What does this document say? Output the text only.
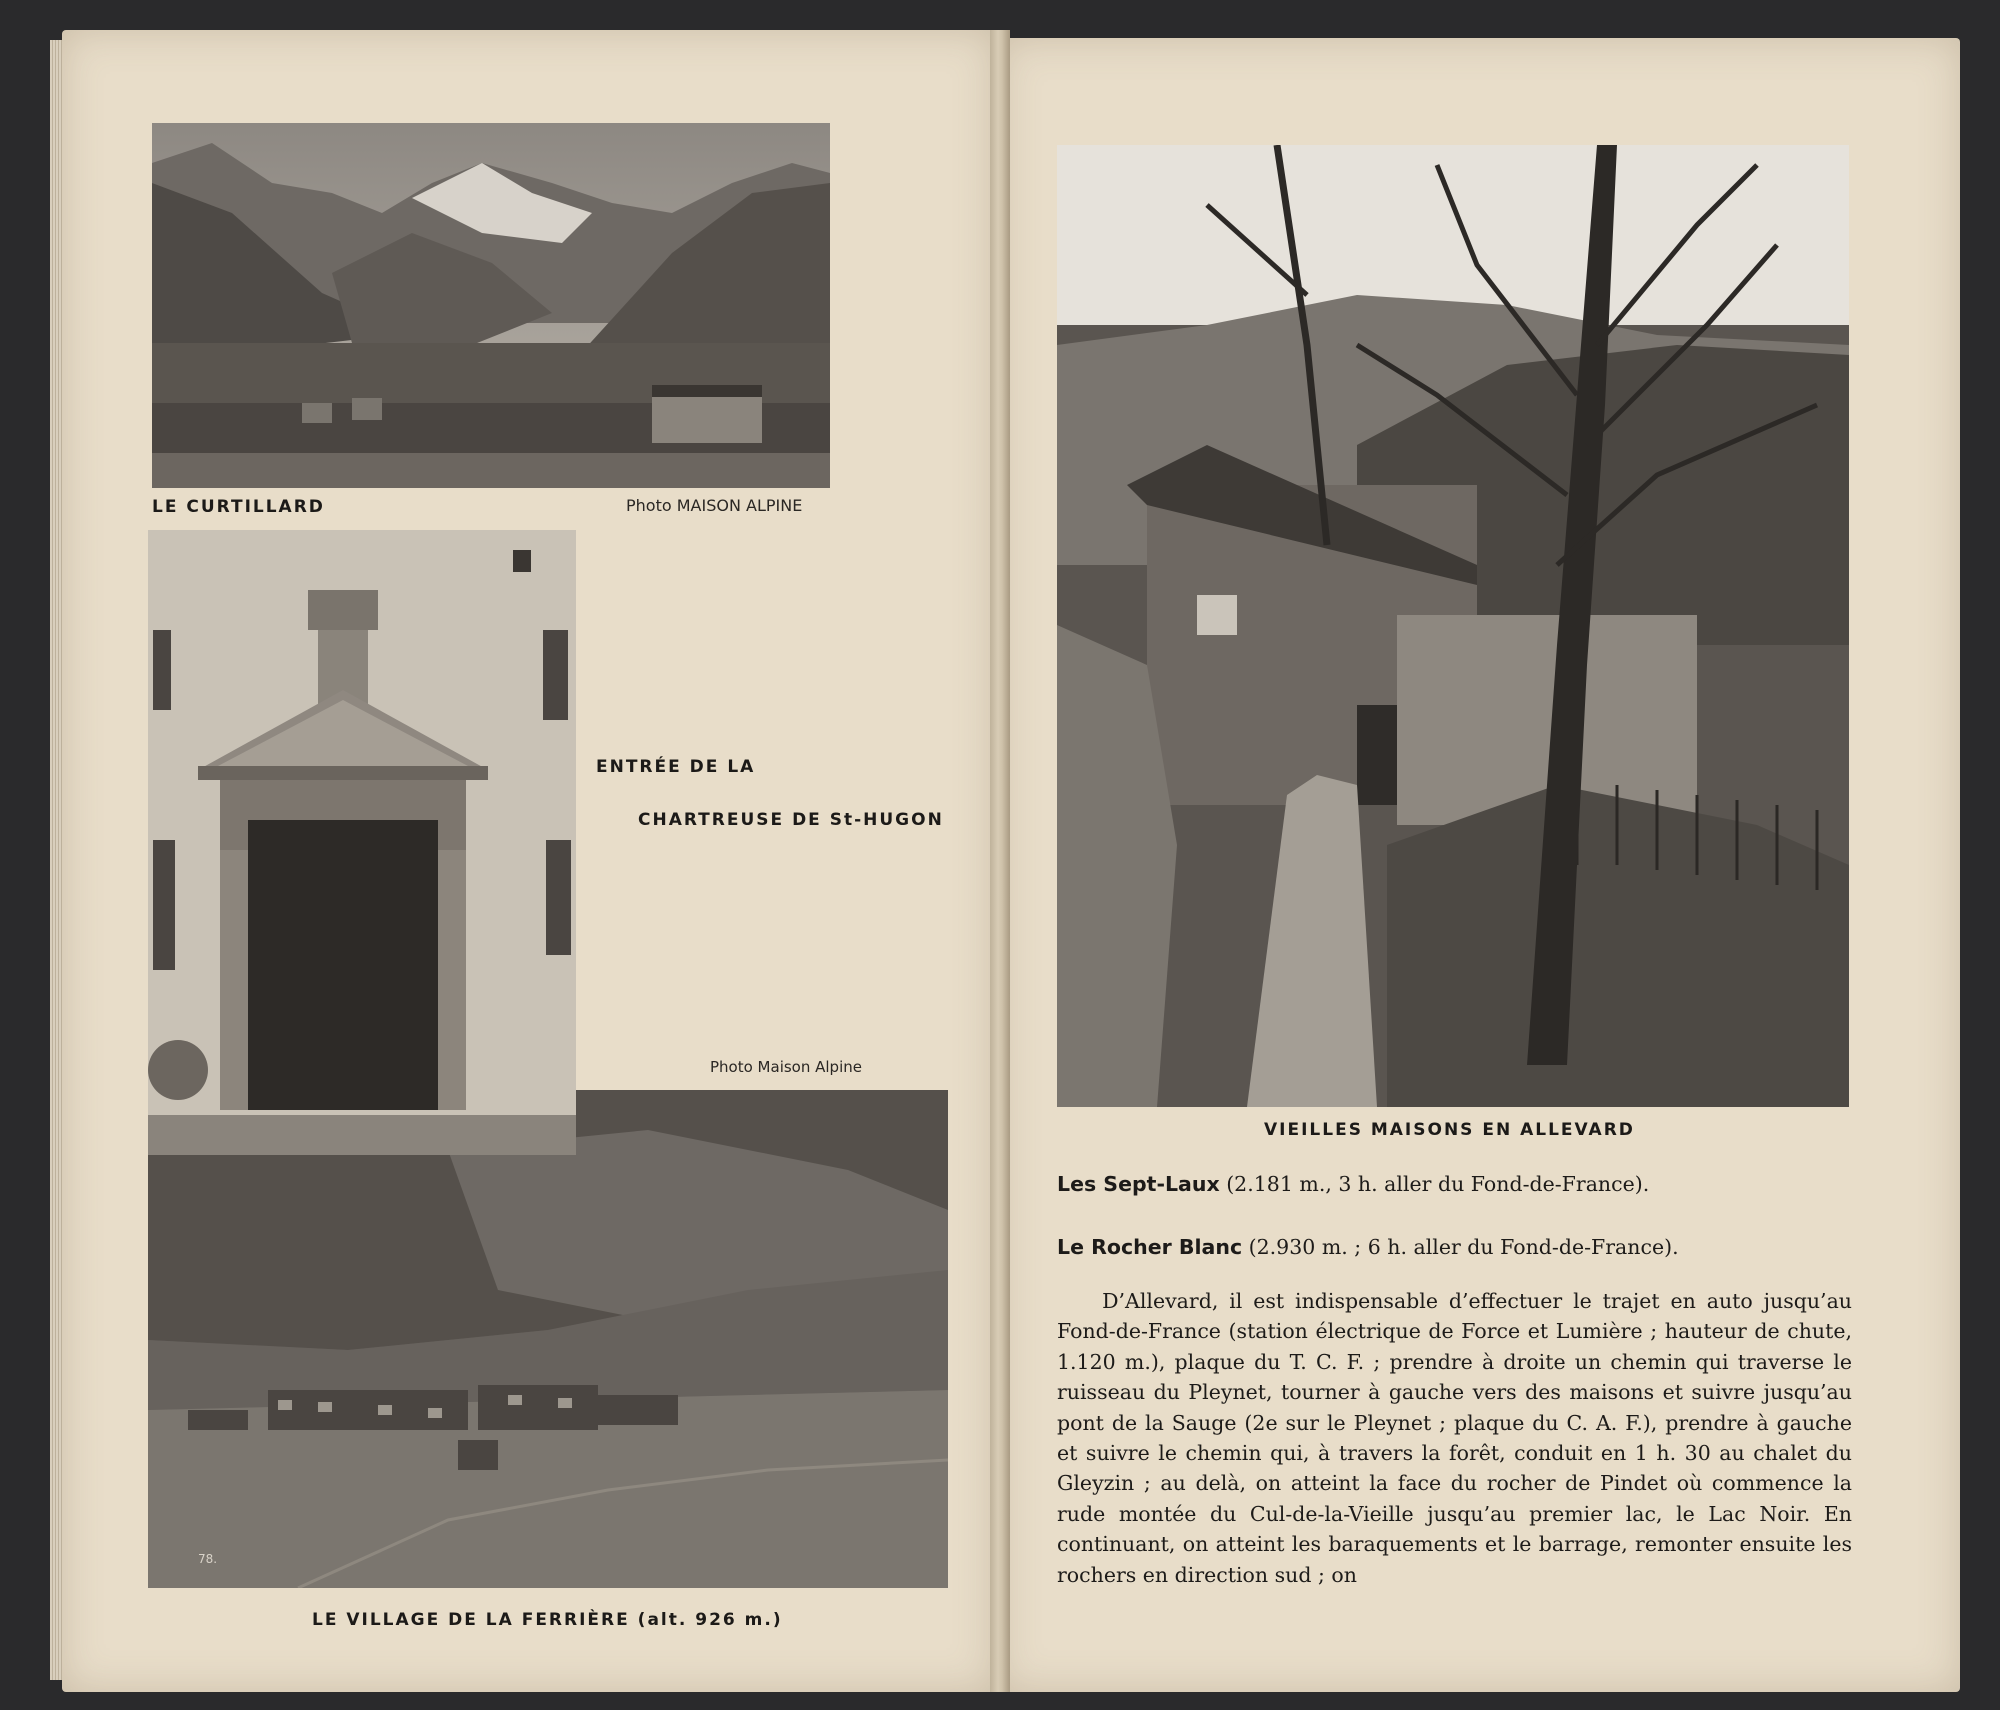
LE CURTILLARD	Photo MAISON ALPINE
78.
ENTRÉE DE LA
CHARTREUSE DE St-HUGON
Photo Maison Alpine
LE VILLAGE DE LA FERRIÈRE (alt. 926 m.)
VIEILLES MAISONS EN ALLEVARD
Les Sept-Laux (2.181 m., 3 h. aller du Fond-de-France).
Le Rocher Blanc (2.930 m. ; 6 h. aller du Fond-de-France).

D’Allevard, il est indispensable d’effectuer le trajet en auto jusqu’au Fond-de-France (station électrique de Force et Lumière ; hauteur de chute, 1.120 m.), plaque du T. C. F. ; prendre à droite un chemin qui traverse le ruisseau du Pleynet, tourner à gauche vers des maisons et suivre jusqu’au pont de la Sauge (2e sur le Pleynet ; plaque du C. A. F.), prendre à gauche et suivre le chemin qui, à travers la forêt, conduit en 1 h. 30 au chalet du Gleyzin ; au delà, on atteint la face du rocher de Pindet où commence la rude montée du Cul-de-la-Vieille jusqu’au premier lac, le Lac Noir. En continuant, on atteint les baraquements et le barrage, remonter ensuite les rochers en direction sud ; on
